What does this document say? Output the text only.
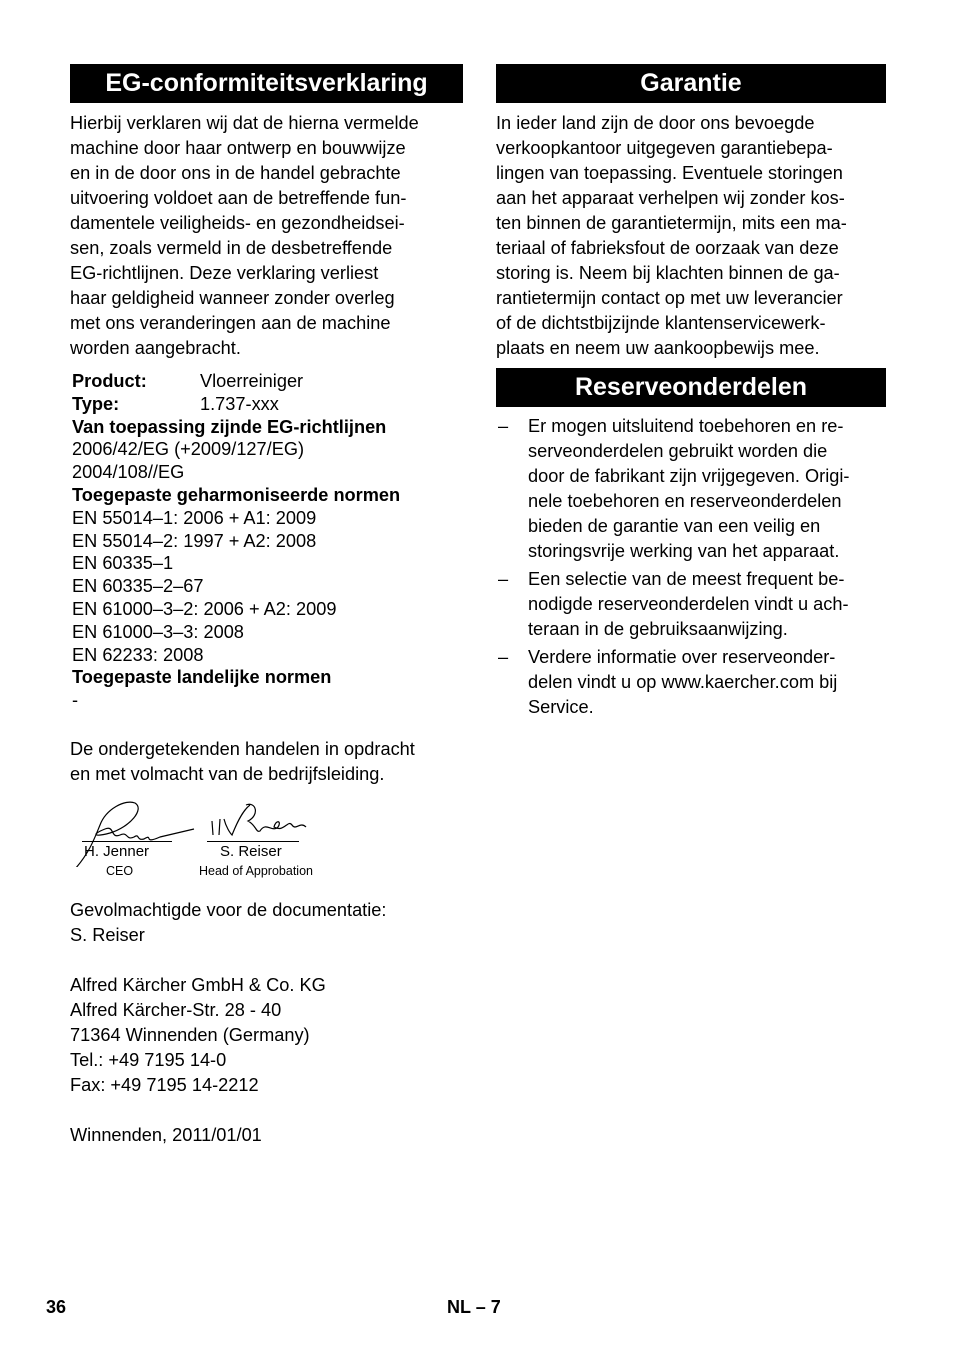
EG-conformiteitsverklaring
Hierbij verklaren wij dat de hierna vermelde
machine door haar ontwerp en bouwwijze
en in de door ons in de handel gebrachte
uitvoering voldoet aan de betreffende fun-
damentele veiligheids- en gezondheidsei-
sen, zoals vermeld in de desbetreffende
EG-richtlijnen. Deze verklaring verliest
haar geldigheid wanneer zonder overleg
met ons veranderingen aan de machine
worden aangebracht.
Product:	Vloerreiniger
Type:	1.737-xxx
Van toepassing zijnde EG-richtlijnen
2006/42/EG (+2009/127/EG)
2004/108//EG
Toegepaste geharmoniseerde normen
EN 55014–1: 2006 + A1: 2009
EN 55014–2: 1997 + A2: 2008
EN 60335–1
EN 60335–2–67
EN 61000–3–2: 2006 + A2: 2009
EN 61000–3–3: 2008
EN 62233: 2008
Toegepaste landelijke normen
-
De ondergetekenden handelen in opdracht
en met volmacht van de bedrijfsleiding.
H. Jenner	S. Reiser
CEO	Head of Approbation
Gevolmachtigde voor de documentatie:
S. Reiser
Alfred Kärcher GmbH & Co. KG
Alfred Kärcher-Str. 28 - 40
71364 Winnenden (Germany)
Tel.: +49 7195 14-0
Fax: +49 7195 14-2212
Winnenden, 2011/01/01
Garantie
In ieder land zijn de door ons bevoegde
verkoopkantoor uitgegeven garantiebepa-
lingen van toepassing. Eventuele storingen
aan het apparaat verhelpen wij zonder kos-
ten binnen de garantietermijn, mits een ma-
teriaal of fabrieksfout de oorzaak van deze
storing is. Neem bij klachten binnen de ga-
rantietermijn contact op met uw leverancier
of de dichtstbijzijnde klantenservicewerk-
plaats en neem uw aankoopbewijs mee.
Reserveonderdelen
– Er mogen uitsluitend toebehoren en re-
serveonderdelen gebruikt worden die
door de fabrikant zijn vrijgegeven. Origi-
nele toebehoren en reserveonderdelen
bieden de garantie van een veilig en
storingsvrije werking van het apparaat.
– Een selectie van de meest frequent be-
nodigde reserveonderdelen vindt u ach-
teraan in de gebruiksaanwijzing.
– Verdere informatie over reserveonder-
delen vindt u op www.kaercher.com bij
Service.
36	NL – 7
